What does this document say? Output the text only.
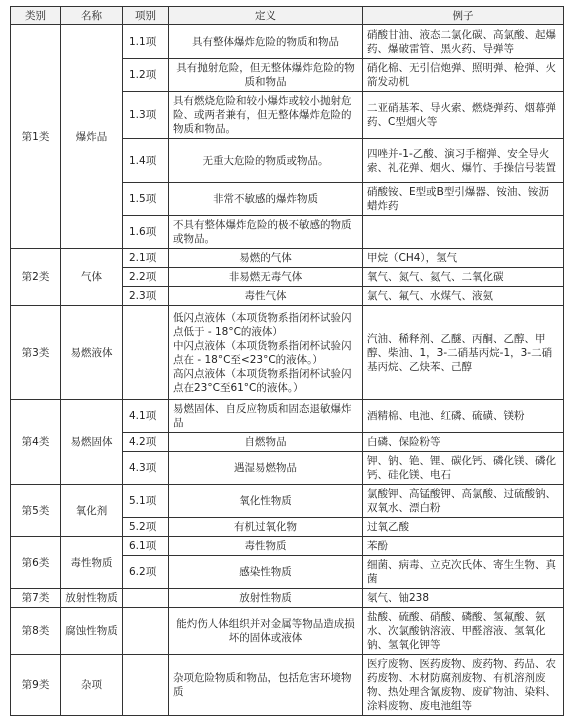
类别	名称	项别	定义	例子
第1类	爆炸品	1.1项	具有整体爆炸危险的物质和物品	硝酸甘油、液态二氯化碳、高氯酸、起爆药、爆破雷管、黑火药、导弹等
		1.2项	具有抛射危险，但无整体爆炸危险的物质和物品	硝化棉、无引信炮弹、照明弹、枪弹、火箭发动机
		1.3项	具有燃烧危险和较小爆炸或较小抛射危险、或两者兼有，但无整体爆炸危险的物质和物品。	二亚硝基苯、导火索、燃烧弹药、烟幕弹药、C型烟火等
		1.4项	无重大危险的物质或物品。	四唑并-1-乙酸、演习手榴弹、安全导火索、礼花弹、烟火、爆竹、手操信号装置
		1.5项	非常不敏感的爆炸物质	硝酸铵、E型或B型引爆器、铵油、铵沥蜡炸药
		1.6项	不具有整体爆炸危险的极不敏感的物质或物品。	
第2类	气体	2.1项	易燃的气体	甲烷（CH4），氢气
		2.2项	非易燃无毒气体	氧气、氮气、氦气、二氧化碳
		2.3项	毒性气体	氯气、氟气、水煤气、液氨
第3类	易燃液体		低闪点液体（本项货物系指闭杯试验闪点低于 - 18°C的液体）
中闪点液体（本项货物系指闭杯试验闪点在 - 18°C至<23°C的液体。）
高闪点液体（本项货物系指闭杯试验闪点在23°C至61°C的液体。）	汽油、稀释剂、乙醚、丙酮、乙醇、甲醇、柴油、1，3-二硝基丙烷-1，3-二硝基丙烷、乙炔苯、己醇
第4类	易燃固体	4.1项	易燃固体、自反应物质和固态退敏爆炸品	酒精棉、电池、红磷、硫磺、镁粉
		4.2项	自燃物品	白磷、保险粉等
		4.3项	遇湿易燃物品	钾、钠、铯、锂、碳化钙、磷化镁、磷化钙、硅化镁、电石
第5类	氧化剂	5.1项	氧化性物质	氯酸钾、高锰酸钾、高氯酸、过硫酸钠、双氧水、漂白粉
		5.2项	有机过氧化物	过氧乙酸
第6类	毒性物质	6.1项	毒性物质	苯酚
		6.2项	感染性物质	细菌、病毒、立克次氏体、寄生生物、真菌
第7类	放射性物质		放射性物质	氡气、铀238
第8类	腐蚀性物质		能灼伤人体组织并对金属等物品造成损坏的固体或液体	盐酸、硫酸、硝酸、磷酸、氢氟酸、氨水、次氯酸钠溶液、甲醛溶液、氢氧化钠、氢氧化钾等
第9类	杂项		杂项危险物质和物品，包括危害环境物质	医疗废物、医药废物、废药物、药品、农药废物、木材防腐剂废物、有机溶剂废物、热处理含氰废物、废矿物油、染料、涂料废物、废电池组等
